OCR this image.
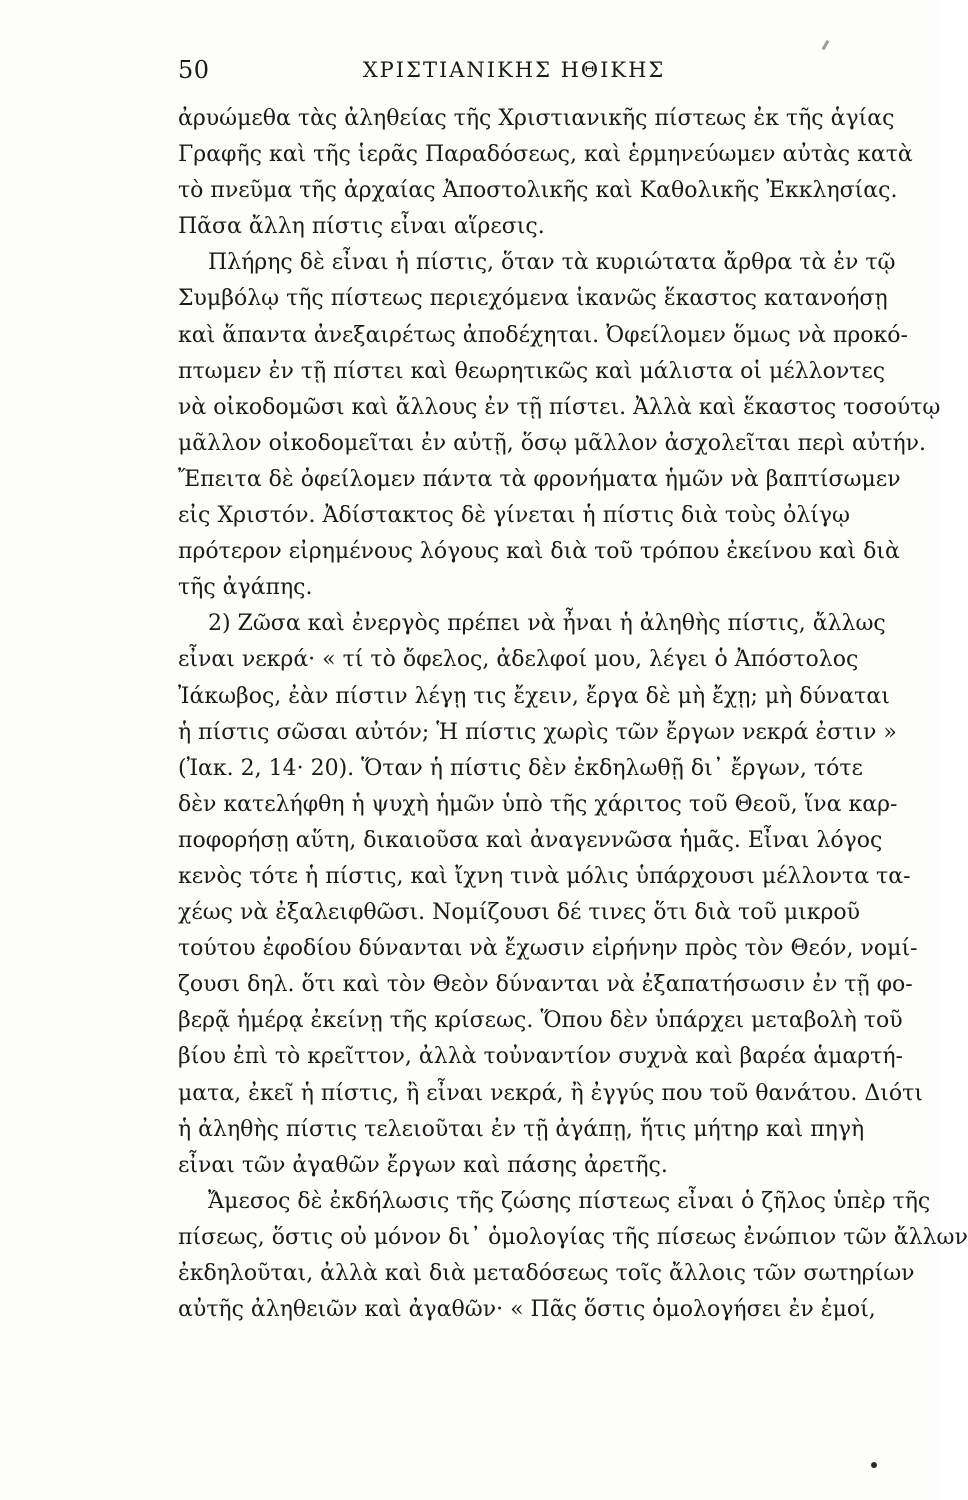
50	ΧΡΙΣΤΙΑΝΙΚΗΣ ΗΘΙΚΗΣ
ἀρυώμεθα τὰς ἀληθείας τῆς Χριστιανικῆς πίστεως ἐκ τῆς ἁγίας
Γραφῆς καὶ τῆς ἱερᾶς Παραδόσεως, καὶ ἑρμηνεύωμεν αὐτὰς κατὰ
τὸ πνεῦμα τῆς ἀρχαίας Ἀποστολικῆς καὶ Καθολικῆς Ἐκκλησίας.
Πᾶσα ἄλλη πίστις εἶναι αἵρεσις.
Πλήρης δὲ εἶναι ἡ πίστις, ὅταν τὰ κυριώτατα ἄρθρα τὰ ἐν τῷ
Συμβόλῳ τῆς πίστεως περιεχόμενα ἱκανῶς ἕκαστος κατανοήσῃ
καὶ ἅπαντα ἀνεξαιρέτως ἀποδέχηται. Ὀφείλομεν ὅμως νὰ προκό-
πτωμεν ἐν τῇ πίστει καὶ θεωρητικῶς καὶ μάλιστα οἱ μέλλοντες
νὰ οἰκοδομῶσι καὶ ἄλλους ἐν τῇ πίστει. Ἀλλὰ καὶ ἕκαστος τοσούτῳ
μᾶλλον οἰκοδομεῖται ἐν αὐτῇ, ὅσῳ μᾶλλον ἀσχολεῖται περὶ αὐτήν.
Ἔπειτα δὲ ὀφείλομεν πάντα τὰ φρονήματα ἡμῶν νὰ βαπτίσωμεν
εἰς Χριστόν. Ἀδίστακτος δὲ γίνεται ἡ πίστις διὰ τοὺς ὀλίγῳ
πρότερον εἰρημένους λόγους καὶ διὰ τοῦ τρόπου ἐκείνου καὶ διὰ
τῆς ἀγάπης.
2) Ζῶσα καὶ ἐνεργὸς πρέπει νὰ ἦναι ἡ ἀληθὴς πίστις, ἄλλως
εἶναι νεκρά· « τί τὸ ὄφελος, ἀδελφοί μου, λέγει ὁ Ἀπόστολος
Ἰάκωβος, ἐὰν πίστιν λέγῃ τις ἔχειν, ἔργα δὲ μὴ ἔχῃ; μὴ δύναται
ἡ πίστις σῶσαι αὐτόν; Ἡ πίστις χωρὶς τῶν ἔργων νεκρά ἐστιν »
(Ἰακ. 2, 14· 20). Ὅταν ἡ πίστις δὲν ἐκδηλωθῇ δι᾽ ἔργων, τότε
δὲν κατελήφθη ἡ ψυχὴ ἡμῶν ὑπὸ τῆς χάριτος τοῦ Θεοῦ, ἵνα καρ-
ποφορήσῃ αὕτη, δικαιοῦσα καὶ ἀναγεννῶσα ἡμᾶς. Εἶναι λόγος
κενὸς τότε ἡ πίστις, καὶ ἴχνη τινὰ μόλις ὑπάρχουσι μέλλοντα τα-
χέως νὰ ἐξαλειφθῶσι. Νομίζουσι δέ τινες ὅτι διὰ τοῦ μικροῦ
τούτου ἐφοδίου δύνανται νὰ ἔχωσιν εἰρήνην πρὸς τὸν Θεόν, νομί-
ζουσι δηλ. ὅτι καὶ τὸν Θεὸν δύνανται νὰ ἐξαπατήσωσιν ἐν τῇ φο-
βερᾷ ἡμέρᾳ ἐκείνῃ τῆς κρίσεως. Ὅπου δὲν ὑπάρχει μεταβολὴ τοῦ
βίου ἐπὶ τὸ κρεῖττον, ἀλλὰ τοὐναντίον συχνὰ καὶ βαρέα ἁμαρτή-
ματα, ἐκεῖ ἡ πίστις, ἢ εἶναι νεκρά, ἢ ἐγγύς που τοῦ θανάτου. Διότι
ἡ ἀληθὴς πίστις τελειοῦται ἐν τῇ ἀγάπῃ, ἥτις μήτηρ καὶ πηγὴ
εἶναι τῶν ἀγαθῶν ἔργων καὶ πάσης ἀρετῆς.
Ἄμεσος δὲ ἐκδήλωσις τῆς ζώσης πίστεως εἶναι ὁ ζῆλος ὑπὲρ τῆς
πίσεως, ὅστις οὐ μόνον δι᾽ ὁμολογίας τῆς πίσεως ἐνώπιον τῶν ἄλλων
ἐκδηλοῦται, ἀλλὰ καὶ διὰ μεταδόσεως τοῖς ἄλλοις τῶν σωτηρίων
αὐτῆς ἀληθειῶν καὶ ἀγαθῶν· « Πᾶς ὅστις ὁμολογήσει ἐν ἐμοί,
